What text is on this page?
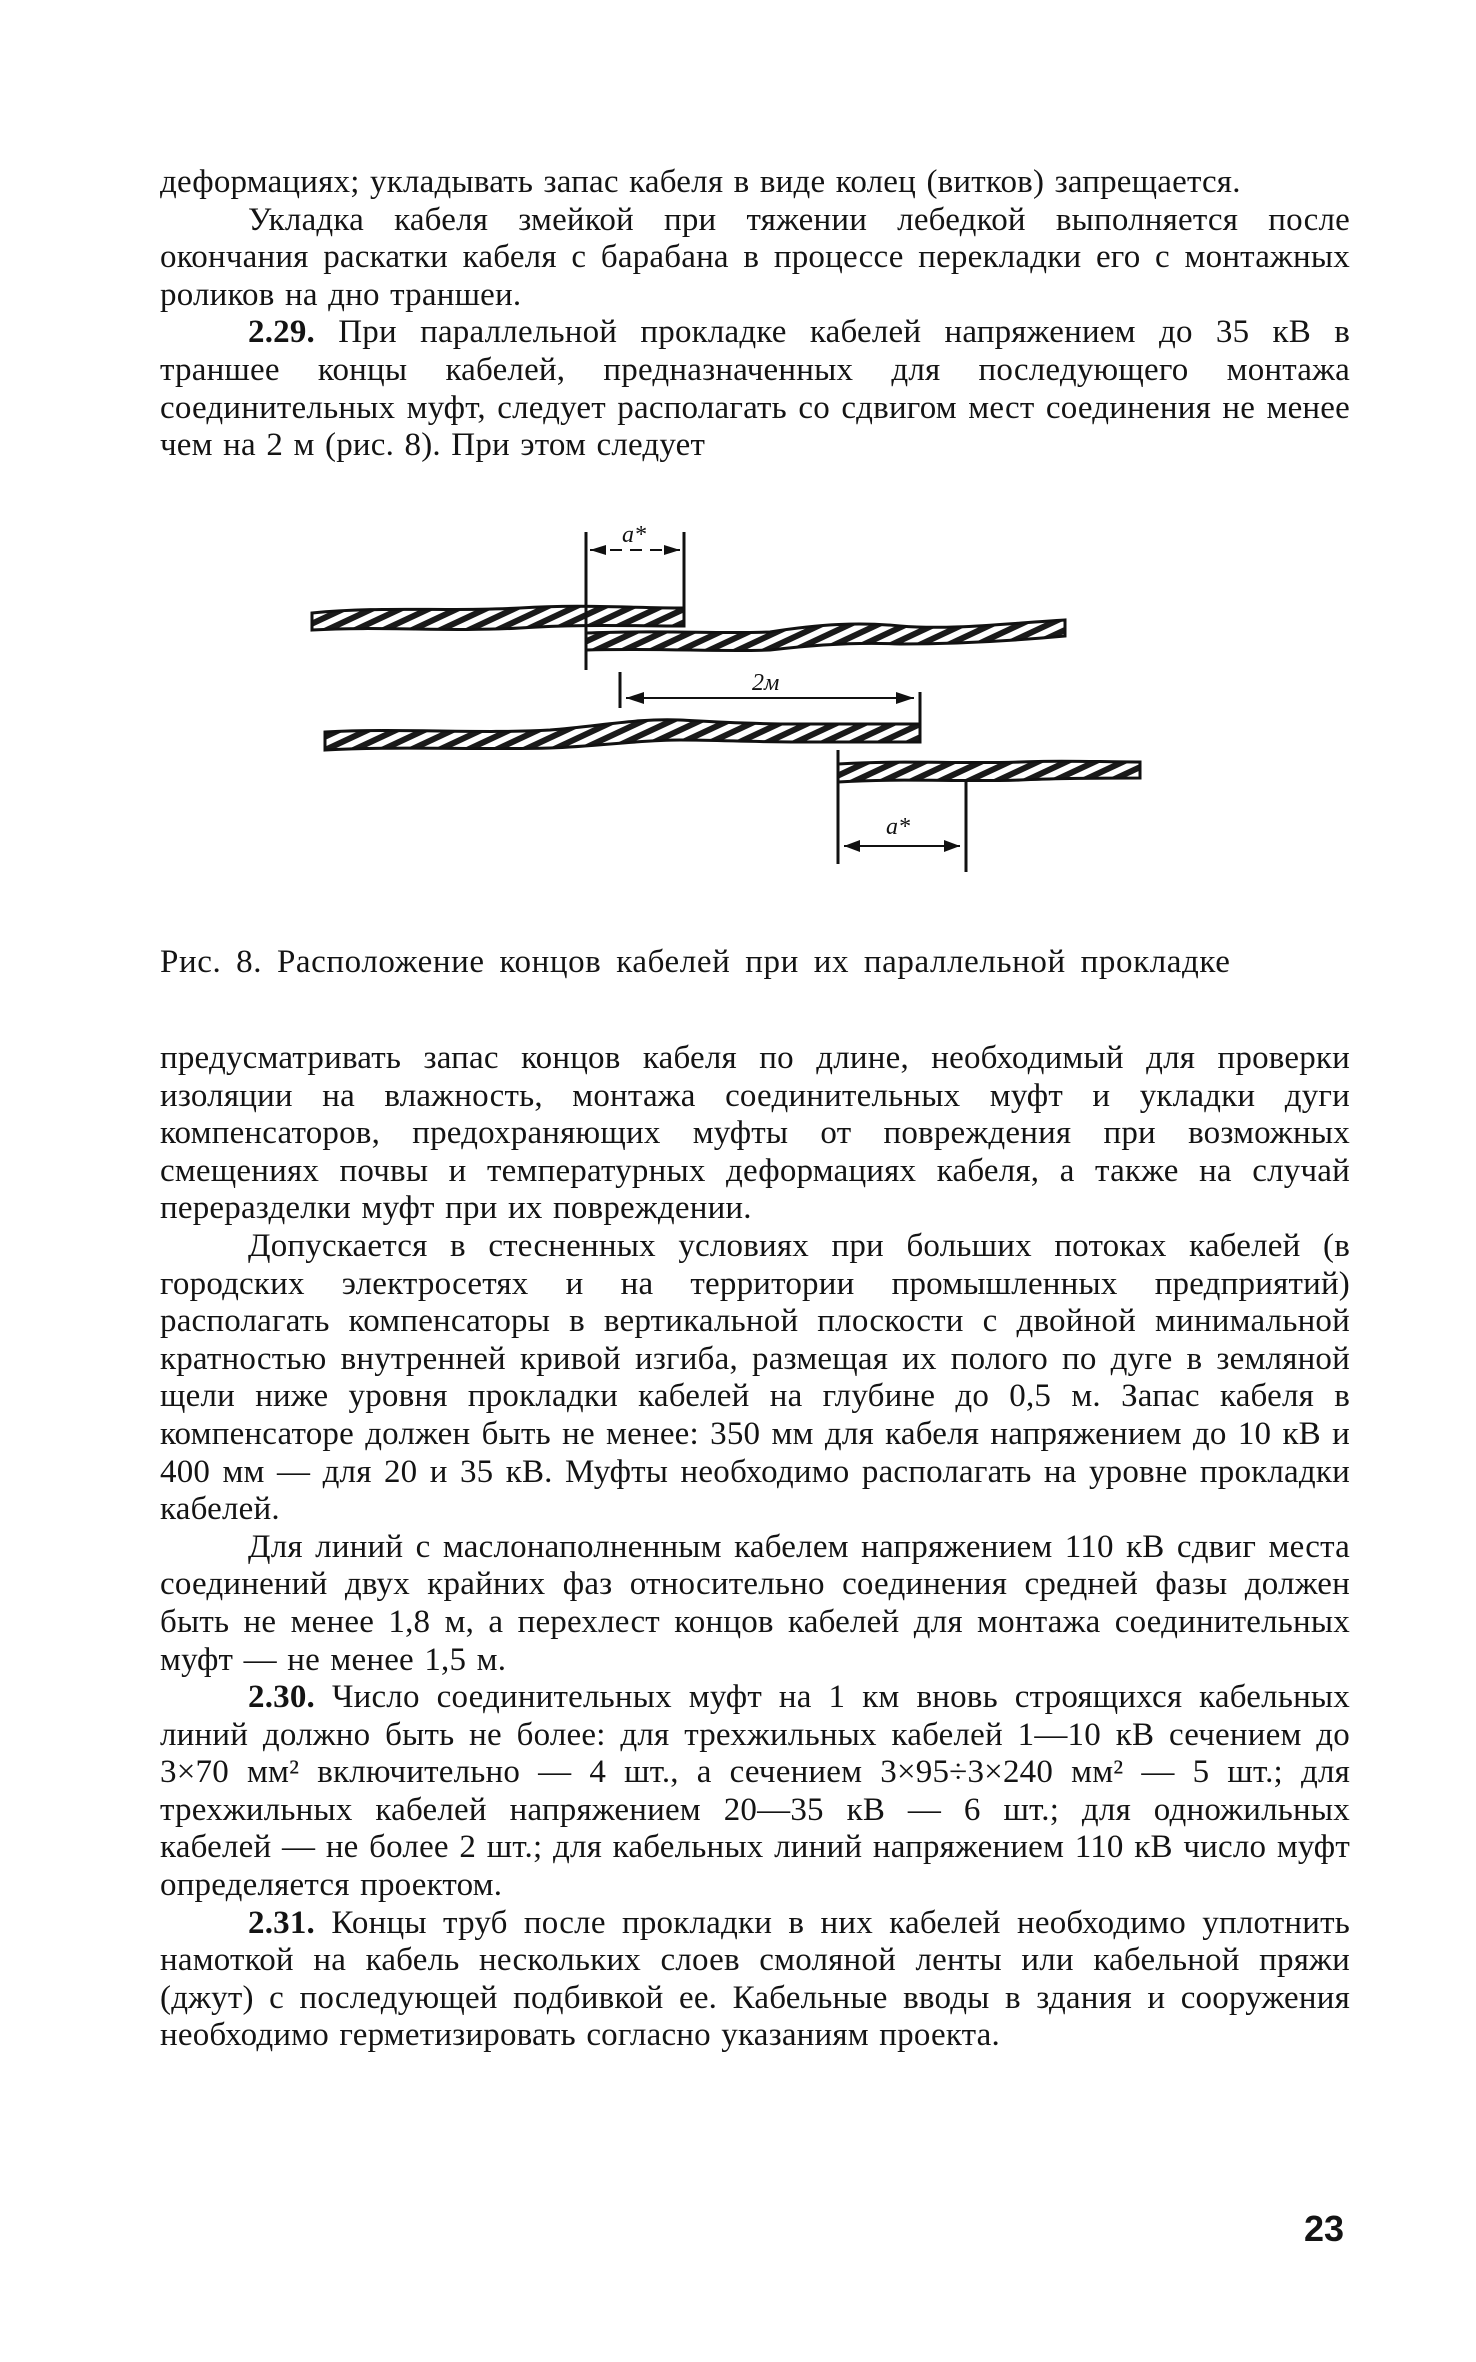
деформациях; укладывать запас кабеля в виде колец (витков) запрещается.

Укладка кабеля змейкой при тяжении лебедкой выполняется после окончания раскатки кабеля с барабана в процессе перекладки его с монтажных роликов на дно траншеи.

2.29. При параллельной прокладке кабелей напряжением до 35 кВ в траншее концы кабелей, предназначенных для последующего монтажа соединительных муфт, следует располагать со сдвигом мест соединения не менее чем на 2 м (рис. 8). При этом следует

a*
2м
a*

Рис. 8. Расположение концов кабелей при их параллельной прокладке

предусматривать запас концов кабеля по длине, необходимый для проверки изоляции на влажность, монтажа соединительных муфт и укладки дуги компенсаторов, предохраняющих муфты от повреждения при возможных смещениях почвы и температурных деформациях кабеля, а также на случай переразделки муфт при их повреждении.

Допускается в стесненных условиях при больших потоках кабелей (в городских электросетях и на территории промышленных предприятий) располагать компенсаторы в вертикальной плоскости с двойной минимальной кратностью внутренней кривой изгиба, размещая их полого по дуге в земляной щели ниже уровня прокладки кабелей на глубине до 0,5 м. Запас кабеля в компенсаторе должен быть не менее: 350 мм для кабеля напряжением до 10 кВ и 400 мм — для 20 и 35 кВ. Муфты необходимо располагать на уровне прокладки кабелей.

Для линий с маслонаполненным кабелем напряжением 110 кВ сдвиг места соединений двух крайних фаз относительно соединения средней фазы должен быть не менее 1,8 м, а перехлест концов кабелей для монтажа соединительных муфт — не менее 1,5 м.

2.30. Число соединительных муфт на 1 км вновь строящихся кабельных линий должно быть не более: для трехжильных кабелей 1—10 кВ сечением до 3×70 мм² включительно — 4 шт., а сечением 3×95÷3×240 мм² — 5 шт.; для трехжильных кабелей напряжением 20—35 кВ — 6 шт.; для одножильных кабелей — не более 2 шт.; для кабельных линий напряжением 110 кВ число муфт определяется проектом.

2.31. Концы труб после прокладки в них кабелей необходимо уплотнить намоткой на кабель нескольких слоев смоляной ленты или кабельной пряжи (джут) с последующей подбивкой ее. Кабельные вводы в здания и сооружения необходимо герметизировать согласно указаниям проекта.

23
